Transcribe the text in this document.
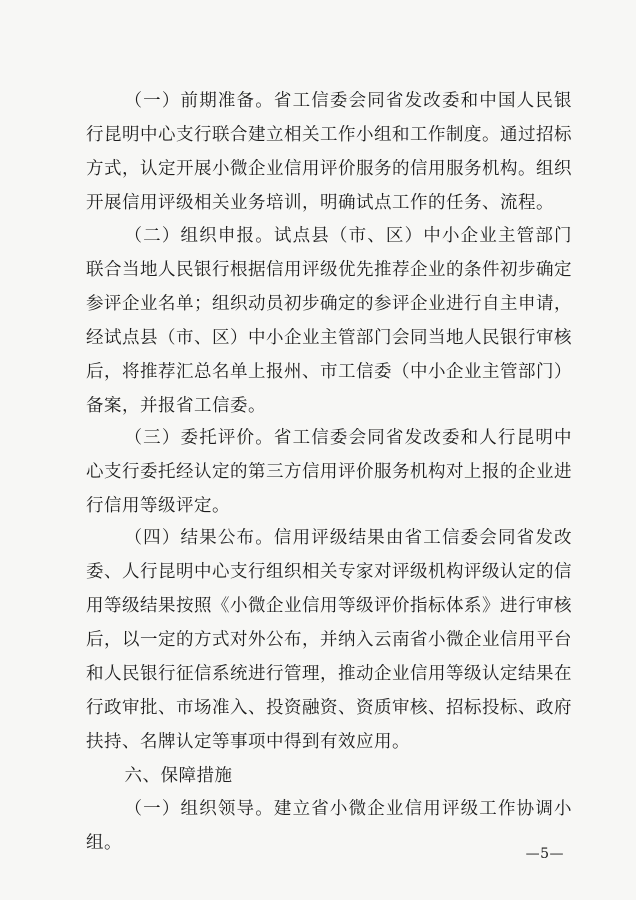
（一）前期准备。省工信委会同省发改委和中国人民银行昆明中心支行联合建立相关工作小组和工作制度。通过招标方式，认定开展小微企业信用评价服务的信用服务机构。组织开展信用评级相关业务培训，明确试点工作的任务、流程。

（二）组织申报。试点县（市、区）中小企业主管部门联合当地人民银行根据信用评级优先推荐企业的条件初步确定参评企业名单；组织动员初步确定的参评企业进行自主申请，经试点县（市、区）中小企业主管部门会同当地人民银行审核后，将推荐汇总名单上报州、市工信委（中小企业主管部门）备案，并报省工信委。

（三）委托评价。省工信委会同省发改委和人行昆明中心支行委托经认定的第三方信用评价服务机构对上报的企业进行信用等级评定。

（四）结果公布。信用评级结果由省工信委会同省发改委、人行昆明中心支行组织相关专家对评级机构评级认定的信用等级结果按照《小微企业信用等级评价指标体系》进行审核后，以一定的方式对外公布，并纳入云南省小微企业信用平台和人民银行征信系统进行管理，推动企业信用等级认定结果在行政审批、市场准入、投资融资、资质审核、招标投标、政府扶持、名牌认定等事项中得到有效应用。

六、保障措施

（一）组织领导。建立省小微企业信用评级工作协调小组。

—5—
